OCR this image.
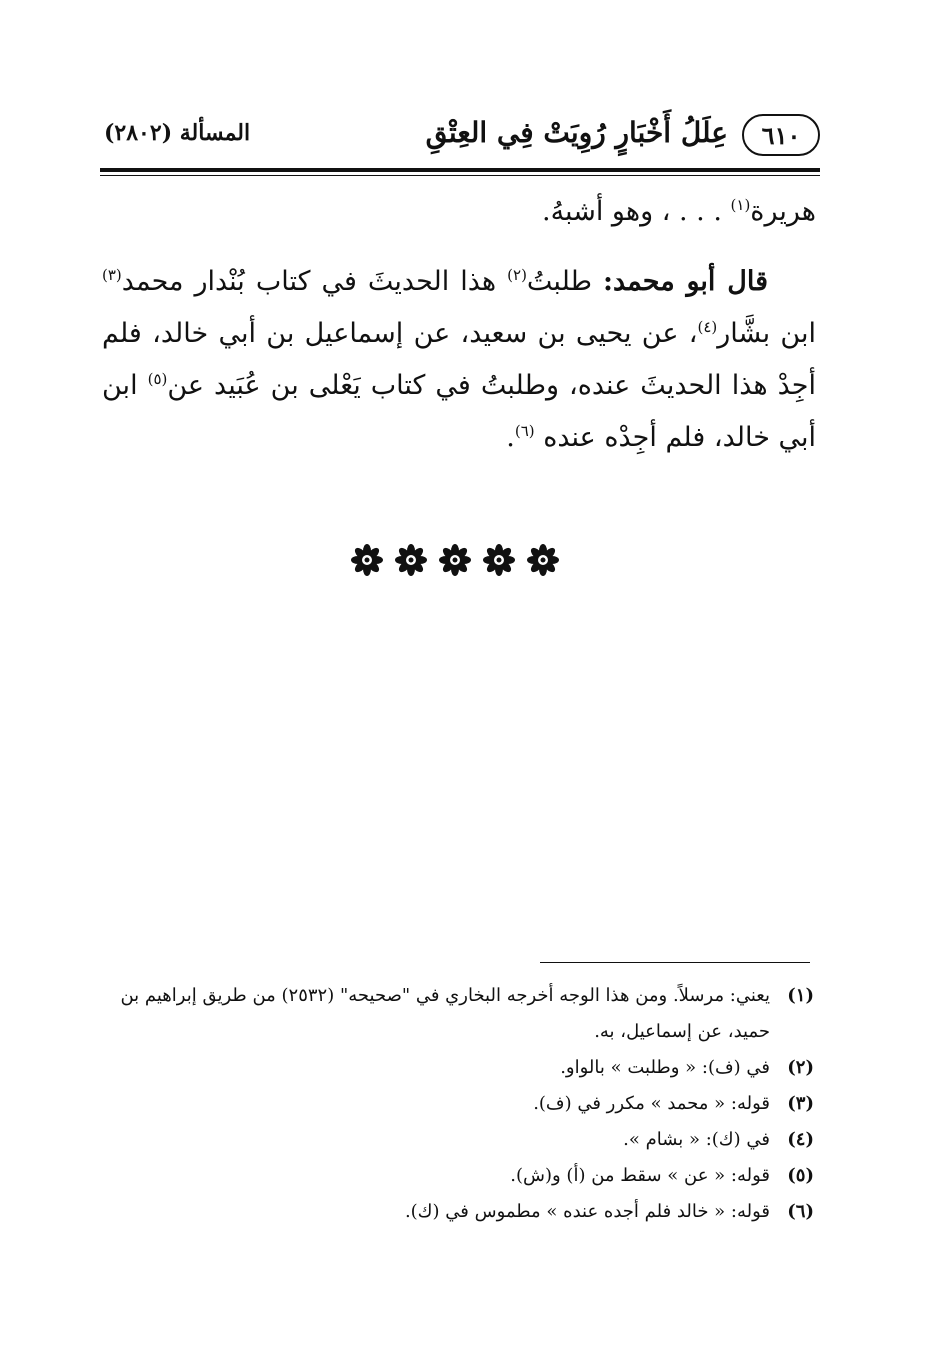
٦١٠
عِلَلُ أَخْبَارٍ رُوِيَتْ فِي العِتْقِ
المسألة (٢٨٠٢)
هريرة$^{(١)}$ . . . ، وهو أشبهُ.
قال أبو محمد: طلبتُ$^{(٢)}$ هذا الحديثَ في كتاب بُنْدار محمد$^{(٣)}$ ابن بشَّار$^{(٤)}$، عن يحيى بن سعيد، عن إسماعيل بن أبي خالد، فلم أجِدْ هذا الحديثَ عنده، وطلبتُ في كتاب يَعْلى بن عُبَيد عن$^{(٥)}$ ابن أبي خالد، فلم أجِدْه عنده $^{(٦)}$.
(١)
يعني: مرسلاً. ومن هذا الوجه أخرجه البخاري في "صحيحه" (٢٥٣٢) من طريق إبراهيم بن حميد، عن إسماعيل، به.
(٢)
في (ف): « وطلبت » بالواو.
(٣)
قوله: « محمد » مكرر في (ف).
(٤)
في (ك): « بشام ».
(٥)
قوله: « عن » سقط من (أ) و(ش).
(٦)
قوله: « خالد فلم أجده عنده » مطموس في (ك).
